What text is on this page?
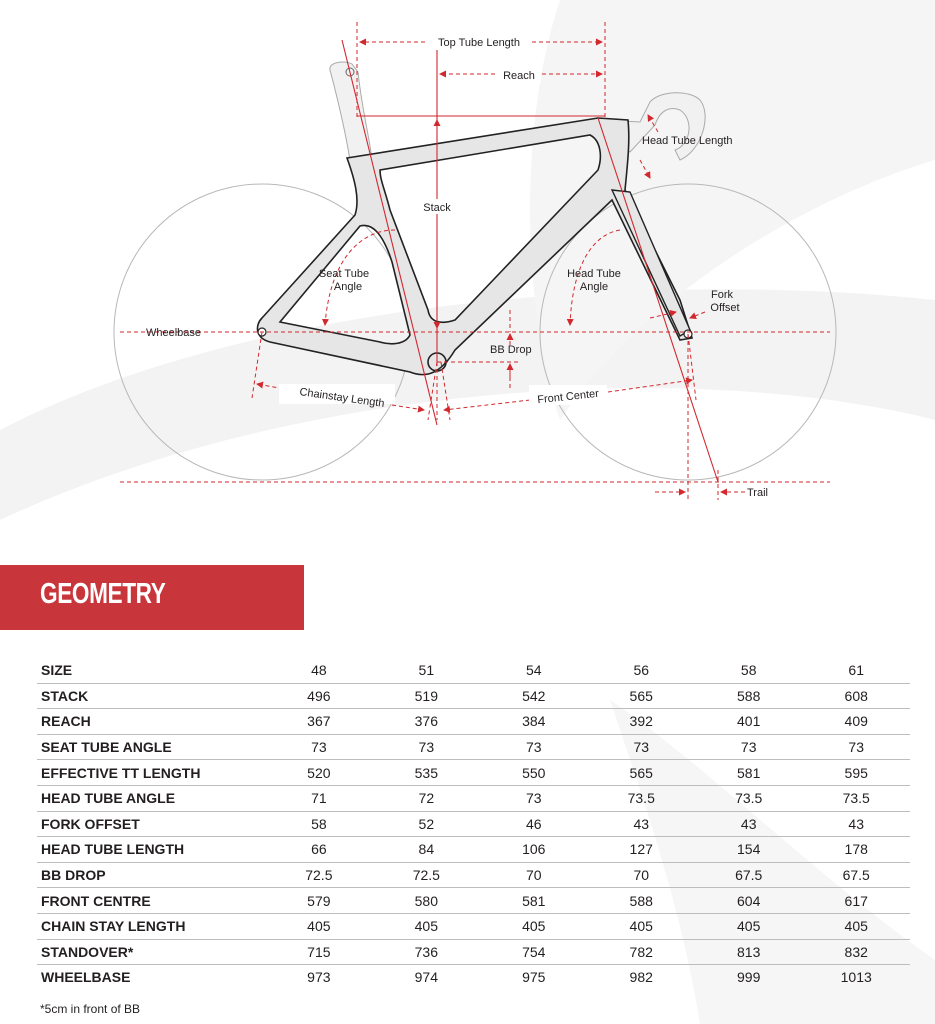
Top Tube Length
Reach
Head Tube Length
Stack
Seat Tube
Angle
Head Tube
Angle
Fork
Offset
Wheelbase
BB Drop
Chainstay Length	Front Center
Trail
GEOMETRY
SIZE	48	51	54	56	58	61
STACK	496	519	542	565	588	608
REACH	367	376	384	392	401	409
SEAT TUBE ANGLE	73	73	73	73	73	73
EFFECTIVE TT LENGTH	520	535	550	565	581	595
HEAD TUBE ANGLE	71	72	73	73.5	73.5	73.5
FORK OFFSET	58	52	46	43	43	43
HEAD TUBE LENGTH	66	84	106	127	154	178
BB DROP	72.5	72.5	70	70	67.5	67.5
FRONT CENTRE	579	580	581	588	604	617
CHAIN STAY LENGTH	405	405	405	405	405	405
STANDOVER*	715	736	754	782	813	832
WHEELBASE	973	974	975	982	999	1013
*5cm in front of BB
